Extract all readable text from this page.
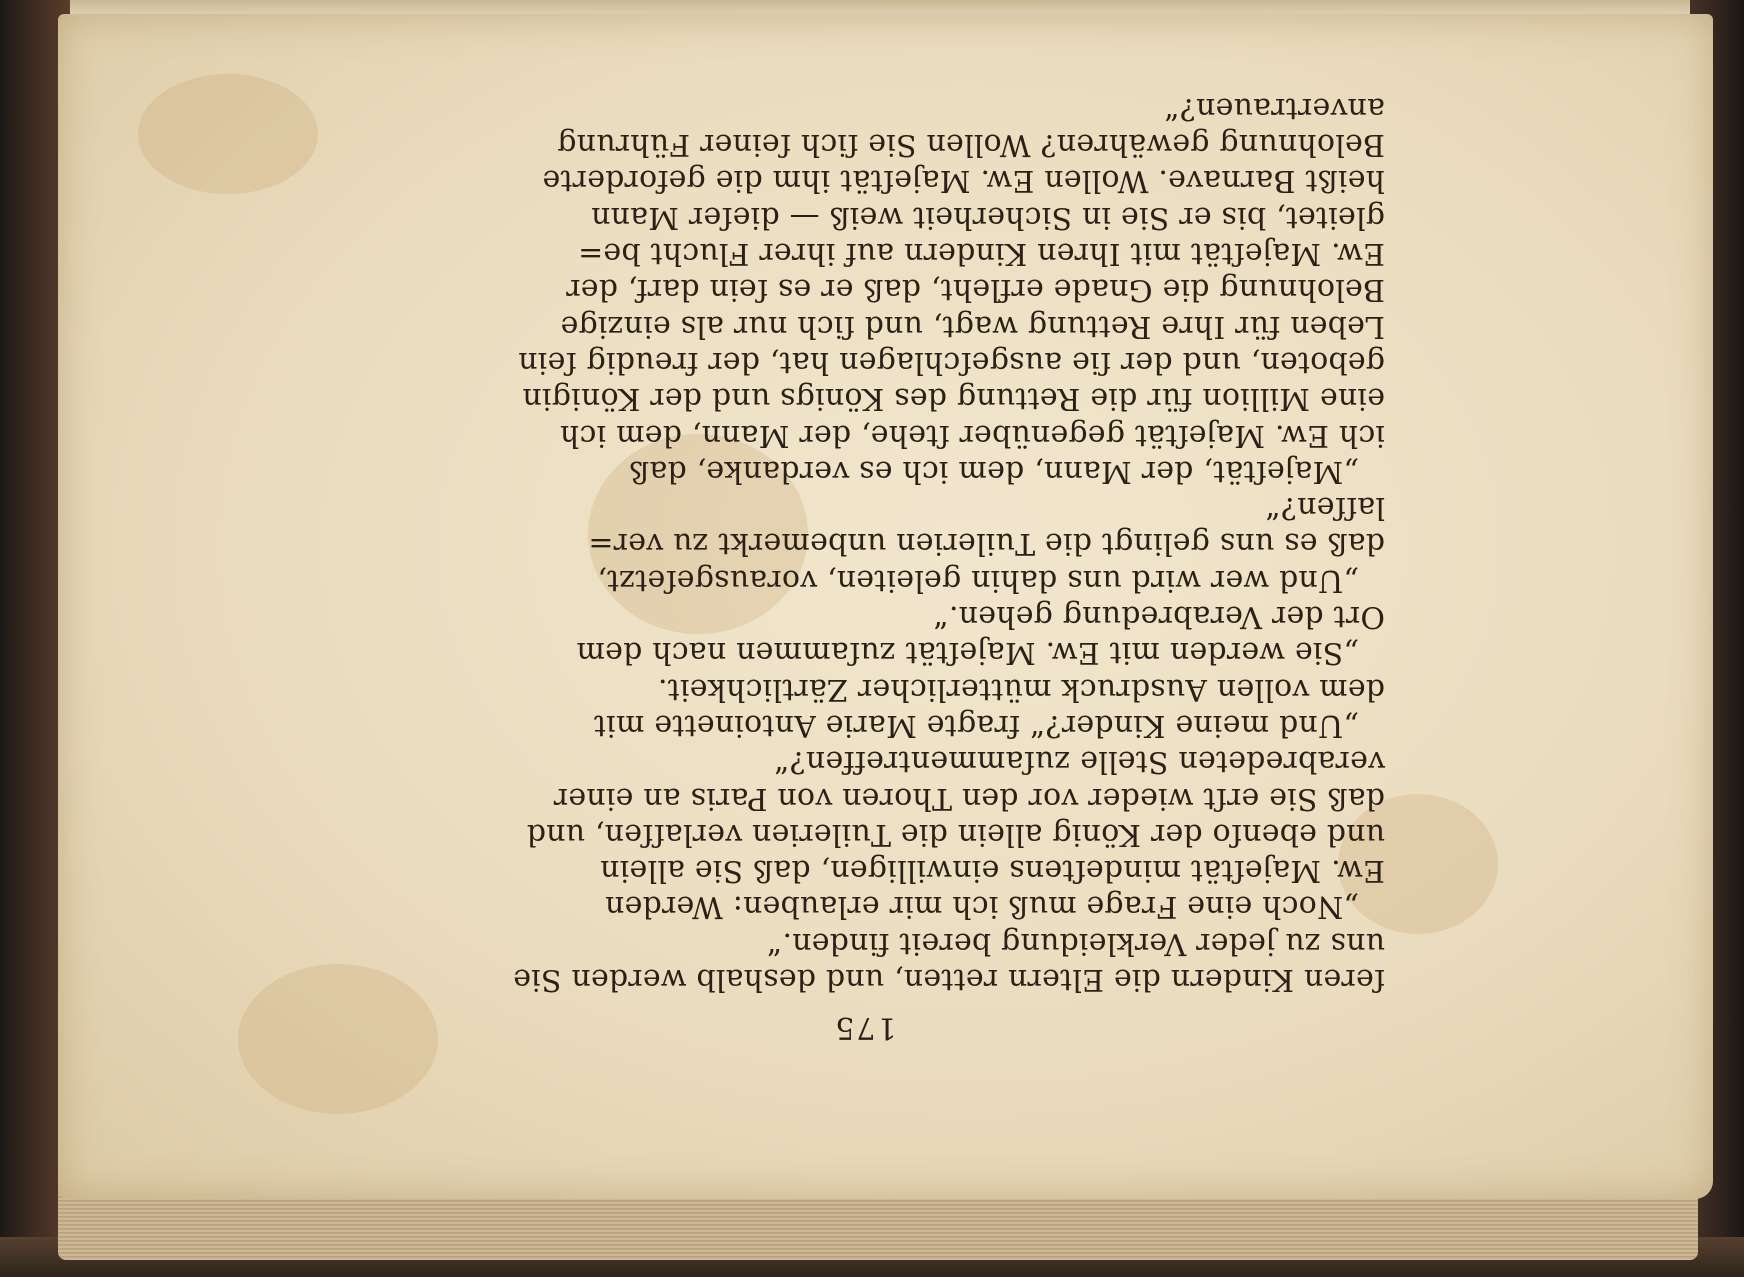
175
ſeren Kindern die Eltern retten, und deshalb werden Sie
uns zu jeder Verkleidung bereit finden.“
„Noch eine Frage muß ich mir erlauben: Werden
Ew. Majeſtät mindeſtens einwilligen, daß Sie allein
und ebenſo der König allein die Tuilerien verlaſſen, und
daß Sie erſt wieder vor den Thoren von Paris an einer
verabredeten Stelle zuſammentreffen?“
„Und meine Kinder?“ fragte Marie Antoinette mit
dem vollen Ausdruck mütterlicher Zärtlichkeit.
„Sie werden mit Ew. Majeſtät zuſammen nach dem
Ort der Verabredung gehen.“
„Und wer wird uns dahin geleiten, vorausgeſetzt,
daß es uns gelingt die Tuilerien unbemerkt zu ver=
laſſen?“
„Majeſtät, der Mann, dem ich es verdanke, daß
ich Ew. Majeſtät gegenüber ſtehe, der Mann, dem ich
eine Million für die Rettung des Königs und der Königin
geboten, und der ſie ausgeſchlagen hat, der freudig ſein
Leben für Ihre Rettung wagt, und ſich nur als einzige
Belohnung die Gnade erfleht, daß er es ſein darf, der
Ew. Majeſtät mit Ihren Kindern auf ihrer Flucht be=
gleitet, bis er Sie in Sicherheit weiß — dieſer Mann
heißt Barnave. Wollen Ew. Majeſtät ihm die geforderte
Belohnung gewähren? Wollen Sie ſich ſeiner Führung
anvertrauen?“
